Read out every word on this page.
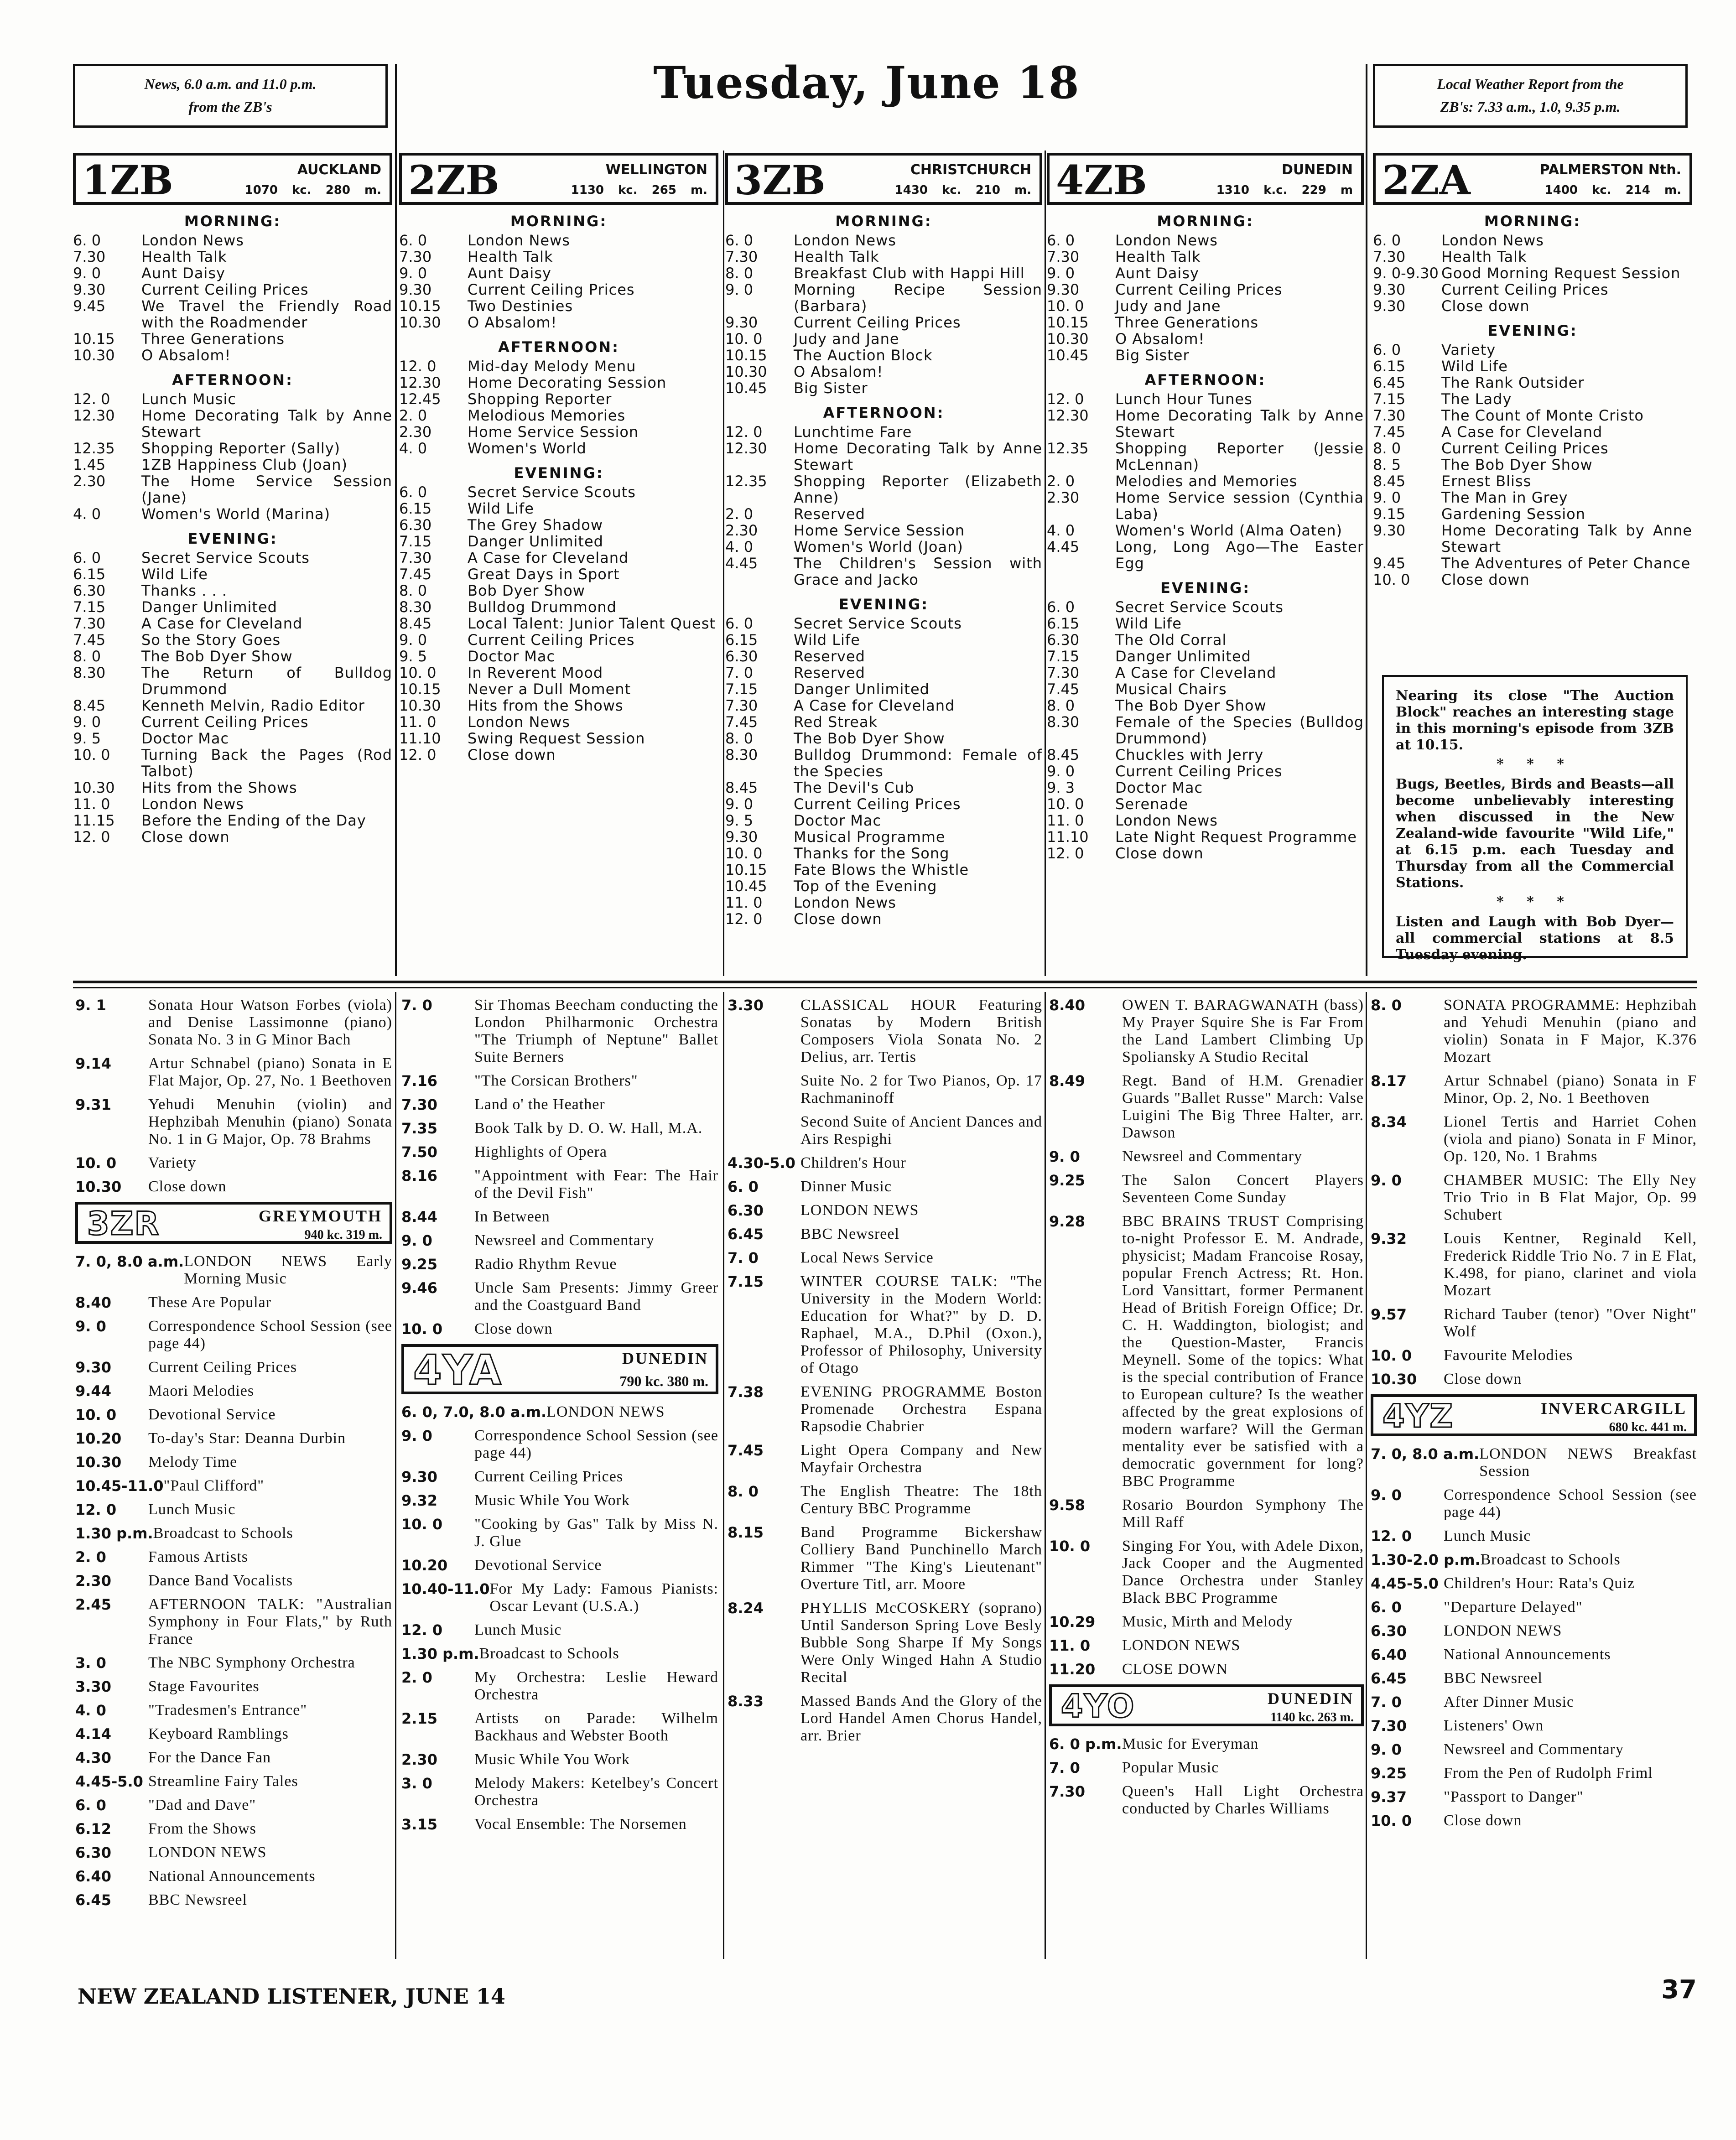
News, 6.0 a.m. and 11.0 p.m.
from the ZB's	Tuesday, June 18	Local Weather Report from the
ZB's: 7.33 a.m., 1.0, 9.35 p.m.
1ZB	AUCKLAND
1070 kc. 280 m.
MORNING:
6. 0	London News
7.30	Health Talk
9. 0	Aunt Daisy
9.30	Current Ceiling Prices
9.45	We Travel the Friendly Road with the Roadmender
10.15	Three Generations
10.30	O Absalom!
AFTERNOON:
12. 0	Lunch Music
12.30	Home Decorating Talk by Anne Stewart
12.35	Shopping Reporter (Sally)
1.45	1ZB Happiness Club (Joan)
2.30	The Home Service Session (Jane)
4. 0	Women's World (Marina)
EVENING:
6. 0	Secret Service Scouts
6.15	Wild Life
6.30	Thanks . . .
7.15	Danger Unlimited
7.30	A Case for Cleveland
7.45	So the Story Goes
8. 0	The Bob Dyer Show
8.30	The Return of Bulldog Drummond
8.45	Kenneth Melvin, Radio Editor
9. 0	Current Ceiling Prices
9. 5	Doctor Mac
10. 0	Turning Back the Pages (Rod Talbot)
10.30	Hits from the Shows
11. 0	London News
11.15	Before the Ending of the Day
12. 0	Close down
2ZB	WELLINGTON
1130 kc. 265 m.
MORNING:
6. 0	London News
7.30	Health Talk
9. 0	Aunt Daisy
9.30	Current Ceiling Prices
10.15	Two Destinies
10.30	O Absalom!
AFTERNOON:
12. 0	Mid-day Melody Menu
12.30	Home Decorating Session
12.45	Shopping Reporter
2. 0	Melodious Memories
2.30	Home Service Session
4. 0	Women's World
EVENING:
6. 0	Secret Service Scouts
6.15	Wild Life
6.30	The Grey Shadow
7.15	Danger Unlimited
7.30	A Case for Cleveland
7.45	Great Days in Sport
8. 0	Bob Dyer Show
8.30	Bulldog Drummond
8.45	Local Talent: Junior Talent Quest
9. 0	Current Ceiling Prices
9. 5	Doctor Mac
10. 0	In Reverent Mood
10.15	Never a Dull Moment
10.30	Hits from the Shows
11. 0	London News
11.10	Swing Request Session
12. 0	Close down
3ZB	CHRISTCHURCH
1430 kc. 210 m.
MORNING:
6. 0	London News
7.30	Health Talk
8. 0	Breakfast Club with Happi Hill
9. 0	Morning Recipe Session (Barbara)
9.30	Current Ceiling Prices
10. 0	Judy and Jane
10.15	The Auction Block
10.30	O Absalom!
10.45	Big Sister
AFTERNOON:
12. 0	Lunchtime Fare
12.30	Home Decorating Talk by Anne Stewart
12.35	Shopping Reporter (Elizabeth Anne)
2. 0	Reserved
2.30	Home Service Session
4. 0	Women's World (Joan)
4.45	The Children's Session with Grace and Jacko
EVENING:
6. 0	Secret Service Scouts
6.15	Wild Life
6.30	Reserved
7. 0	Reserved
7.15	Danger Unlimited
7.30	A Case for Cleveland
7.45	Red Streak
8. 0	The Bob Dyer Show
8.30	Bulldog Drummond: Female of the Species
8.45	The Devil's Cub
9. 0	Current Ceiling Prices
9. 5	Doctor Mac
9.30	Musical Programme
10. 0	Thanks for the Song
10.15	Fate Blows the Whistle
10.45	Top of the Evening
11. 0	London News
12. 0	Close down
4ZB	DUNEDIN
1310 k.c. 229 m
MORNING:
6. 0	London News
7.30	Health Talk
9. 0	Aunt Daisy
9.30	Current Ceiling Prices
10. 0	Judy and Jane
10.15	Three Generations
10.30	O Absalom!
10.45	Big Sister
AFTERNOON:
12. 0	Lunch Hour Tunes
12.30	Home Decorating Talk by Anne Stewart
12.35	Shopping Reporter (Jessie McLennan)
2. 0	Melodies and Memories
2.30	Home Service session (Cynthia Laba)
4. 0	Women's World (Alma Oaten)
4.45	Long, Long Ago—The Easter Egg
EVENING:
6. 0	Secret Service Scouts
6.15	Wild Life
6.30	The Old Corral
7.15	Danger Unlimited
7.30	A Case for Cleveland
7.45	Musical Chairs
8. 0	The Bob Dyer Show
8.30	Female of the Species (Bulldog Drummond)
8.45	Chuckles with Jerry
9. 0	Current Ceiling Prices
9. 3	Doctor Mac
10. 0	Serenade
11. 0	London News
11.10	Late Night Request Programme
12. 0	Close down
2ZA	PALMERSTON Nth.
1400 kc. 214 m.
MORNING:
6. 0	London News
7.30	Health Talk
9. 0-9.30 Good Morning Request Session
9.30	Current Ceiling Prices
9.30	Close down
EVENING:
6. 0	Variety
6.15	Wild Life
6.45	The Rank Outsider
7.15	The Lady
7.30	The Count of Monte Cristo
7.45	A Case for Cleveland
8. 0	Current Ceiling Prices
8. 5	The Bob Dyer Show
8.45	Ernest Bliss
9. 0	The Man in Grey
9.15	Gardening Session
9.30	Home Decorating Talk by Anne Stewart
9.45	The Adventures of Peter Chance
10. 0	Close down

Nearing its close "The Auction Block" reaches an interesting stage in this morning's episode from 3ZB at 10.15.

* * *

Bugs, Beetles, Birds and Beasts—all become unbelievably interesting when discussed in the New Zealand-wide favourite "Wild Life," at 6.15 p.m. each Tuesday and Thursday from all the Commercial Stations.

* * *

Listen and Laugh with Bob Dyer—all commercial stations at 8.5 Tuesday evening.

9. 1	Sonata Hour Watson Forbes (viola) and Denise Lassimonne (piano) Sonata No. 3 in G Minor Bach
9.14	Artur Schnabel (piano) Sonata in E Flat Major, Op. 27, No. 1 Beethoven
9.31	Yehudi Menuhin (violin) and Hephzibah Menuhin (piano) Sonata No. 1 in G Major, Op. 78 Brahms
10. 0	Variety
10.30	Close down
3ZR	GREYMOUTH
940 kc. 319 m.
7. 0, 8.0 a.m. LONDON NEWS Early Morning Music
8.40	These Are Popular
9. 0	Correspondence School Session (see page 44)
9.30	Current Ceiling Prices
9.44	Maori Melodies
10. 0	Devotional Service
10.20	To-day's Star: Deanna Durbin
10.30	Melody Time
10.45-11.0 "Paul Clifford"
12. 0	Lunch Music
1.30 p.m. Broadcast to Schools
2. 0	Famous Artists
2.30	Dance Band Vocalists
2.45	AFTERNOON TALK: "Australian Symphony in Four Flats," by Ruth France
3. 0	The NBC Symphony Orchestra
3.30	Stage Favourites
4. 0	"Tradesmen's Entrance"
4.14	Keyboard Ramblings
4.30	For the Dance Fan
4.45-5.0 Streamline Fairy Tales
6. 0	"Dad and Dave"
6.12	From the Shows
6.30	LONDON NEWS
6.40	National Announcements
6.45	BBC Newsreel
7. 0	Sir Thomas Beecham conducting the London Philharmonic Orchestra "The Triumph of Neptune" Ballet Suite Berners
7.16	"The Corsican Brothers"
7.30	Land o' the Heather
7.35	Book Talk by D. O. W. Hall, M.A.
7.50	Highlights of Opera
8.16	"Appointment with Fear: The Hair of the Devil Fish"
8.44	In Between
9. 0	Newsreel and Commentary
9.25	Radio Rhythm Revue
9.46	Uncle Sam Presents: Jimmy Greer and the Coastguard Band
10. 0	Close down
4YA	DUNEDIN
790 kc. 380 m.
6. 0, 7.0, 8.0 a.m. LONDON NEWS
9. 0	Correspondence School Session (see page 44)
9.30	Current Ceiling Prices
9.32	Music While You Work
10. 0	"Cooking by Gas" Talk by Miss N. J. Glue
10.20	Devotional Service
10.40-11.0 For My Lady: Famous Pianists: Oscar Levant (U.S.A.)
12. 0	Lunch Music
1.30 p.m. Broadcast to Schools
2. 0	My Orchestra: Leslie Heward Orchestra
2.15	Artists on Parade: Wilhelm Backhaus and Webster Booth
2.30	Music While You Work
3. 0	Melody Makers: Ketelbey's Concert Orchestra
3.15	Vocal Ensemble: The Norsemen
3.30	CLASSICAL HOUR Featuring Sonatas by Modern British Composers Viola Sonata No. 2 Delius, arr. Tertis
Suite No. 2 for Two Pianos, Op. 17 Rachmaninoff
Second Suite of Ancient Dances and Airs Respighi
4.30-5.0 Children's Hour
6. 0	Dinner Music
6.30	LONDON NEWS
6.45	BBC Newsreel
7. 0	Local News Service
7.15	WINTER COURSE TALK: "The University in the Modern World: Education for What?" by D. D. Raphael, M.A., D.Phil (Oxon.), Professor of Philosophy, University of Otago
7.38	EVENING PROGRAMME Boston Promenade Orchestra Espana Rapsodie Chabrier
7.45	Light Opera Company and New Mayfair Orchestra
8. 0	The English Theatre: The 18th Century BBC Programme
8.15	Band Programme Bickershaw Colliery Band Punchinello March Rimmer "The King's Lieutenant" Overture Titl, arr. Moore
8.24	PHYLLIS McCOSKERY (soprano) Until Sanderson Spring Love Besly Bubble Song Sharpe If My Songs Were Only Winged Hahn A Studio Recital
8.33	Massed Bands And the Glory of the Lord Handel Amen Chorus Handel, arr. Brier
8.40	OWEN T. BARAGWANATH (bass) My Prayer Squire She is Far From the Land Lambert Climbing Up Spoliansky A Studio Recital
8.49	Regt. Band of H.M. Grenadier Guards "Ballet Russe" March: Valse Luigini The Big Three Halter, arr. Dawson
9. 0	Newsreel and Commentary
9.25	The Salon Concert Players Seventeen Come Sunday
9.28	BBC BRAINS TRUST Comprising to-night Professor E. M. Andrade, physicist; Madam Francoise Rosay, popular French Actress; Rt. Hon. Lord Vansittart, former Permanent Head of British Foreign Office; Dr. C. H. Waddington, biologist; and the Question-Master, Francis Meynell. Some of the topics: What is the special contribution of France to European culture? Is the weather affected by the great explosions of modern warfare? Will the German mentality ever be satisfied with a democratic government for long? BBC Programme
9.58	Rosario Bourdon Symphony The Mill Raff
10. 0	Singing For You, with Adele Dixon, Jack Cooper and the Augmented Dance Orchestra under Stanley Black BBC Programme
10.29	Music, Mirth and Melody
11. 0	LONDON NEWS
11.20	CLOSE DOWN
4YO	DUNEDIN
1140 kc. 263 m.
6. 0 p.m. Music for Everyman
7. 0	Popular Music
7.30	Queen's Hall Light Orchestra conducted by Charles Williams
8. 0	SONATA PROGRAMME: Hephzibah and Yehudi Menuhin (piano and violin) Sonata in F Major, K.376 Mozart
8.17	Artur Schnabel (piano) Sonata in F Minor, Op. 2, No. 1 Beethoven
8.34	Lionel Tertis and Harriet Cohen (viola and piano) Sonata in F Minor, Op. 120, No. 1 Brahms
9. 0	CHAMBER MUSIC: The Elly Ney Trio Trio in B Flat Major, Op. 99 Schubert
9.32	Louis Kentner, Reginald Kell, Frederick Riddle Trio No. 7 in E Flat, K.498, for piano, clarinet and viola Mozart
9.57	Richard Tauber (tenor) "Over Night" Wolf
10. 0	Favourite Melodies
10.30	Close down
4YZ	INVERCARGILL
680 kc. 441 m.
7. 0, 8.0 a.m. LONDON NEWS Breakfast Session
9. 0	Correspondence School Session (see page 44)
12. 0	Lunch Music
1.30-2.0 p.m. Broadcast to Schools
4.45-5.0 Children's Hour: Rata's Quiz
6. 0	"Departure Delayed"
6.30	LONDON NEWS
6.40	National Announcements
6.45	BBC Newsreel
7. 0	After Dinner Music
7.30	Listeners' Own
9. 0	Newsreel and Commentary
9.25	From the Pen of Rudolph Friml
9.37	"Passport to Danger"
10. 0	Close down
NEW ZEALAND LISTENER, JUNE 14	37
